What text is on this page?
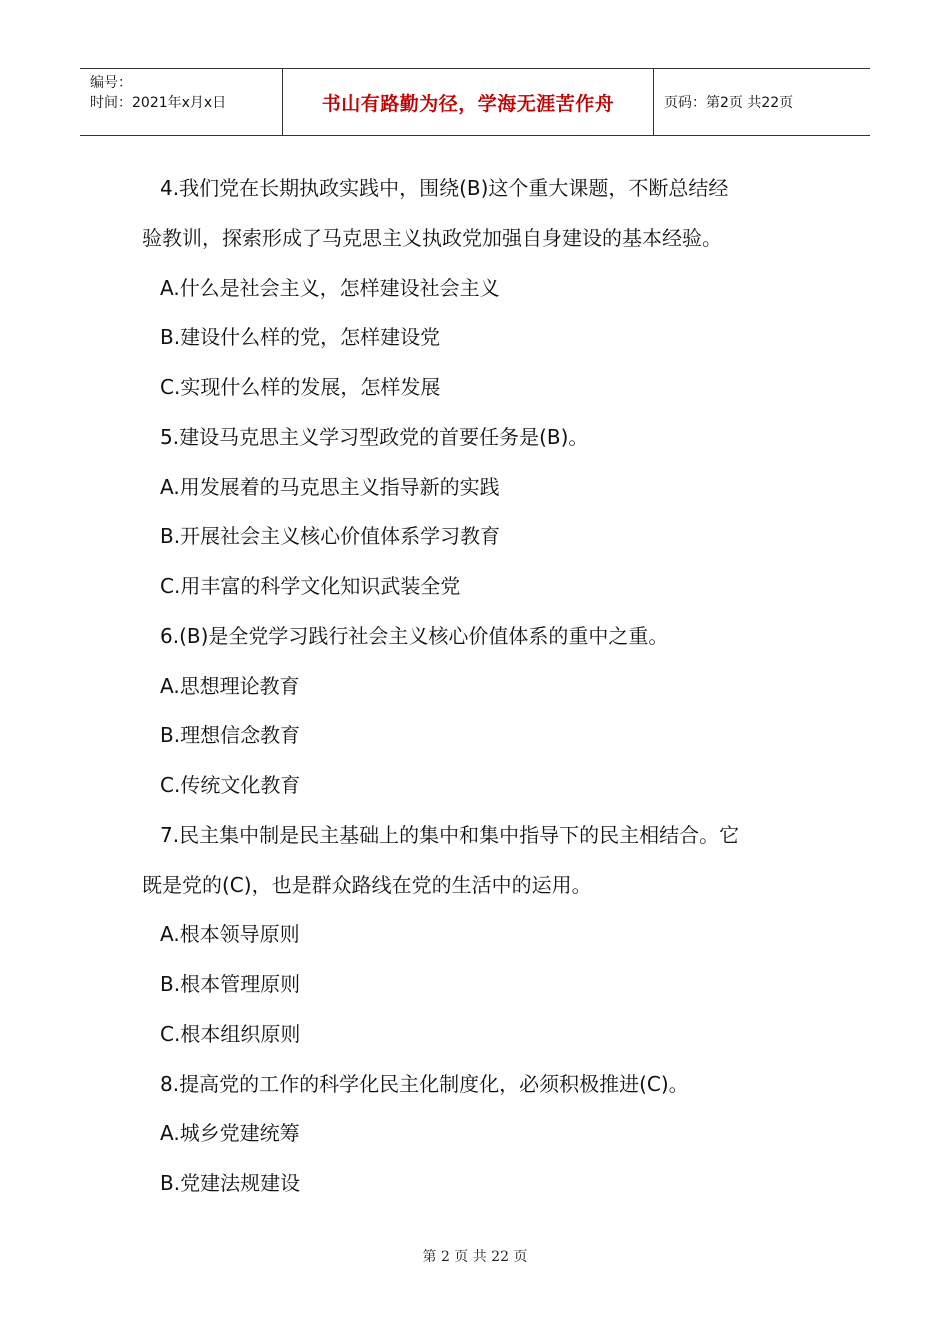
编号：
时间：2021年x月x日	书山有路勤为径，学海无涯苦作舟	页码：第2页 共22页
4.我们党在长期执政实践中，围绕(B)这个重大课题，不断总结经
验教训，探索形成了马克思主义执政党加强自身建设的基本经验。
A.什么是社会主义，怎样建设社会主义
B.建设什么样的党，怎样建设党
C.实现什么样的发展，怎样发展
5.建设马克思主义学习型政党的首要任务是(B)。
A.用发展着的马克思主义指导新的实践
B.开展社会主义核心价值体系学习教育
C.用丰富的科学文化知识武装全党
6.(B)是全党学习践行社会主义核心价值体系的重中之重。
A.思想理论教育
B.理想信念教育
C.传统文化教育
7.民主集中制是民主基础上的集中和集中指导下的民主相结合。它
既是党的(C)，也是群众路线在党的生活中的运用。
A.根本领导原则
B.根本管理原则
C.根本组织原则
8.提高党的工作的科学化民主化制度化，必须积极推进(C)。
A.城乡党建统筹
B.党建法规建设
第 2 页 共 22 页
